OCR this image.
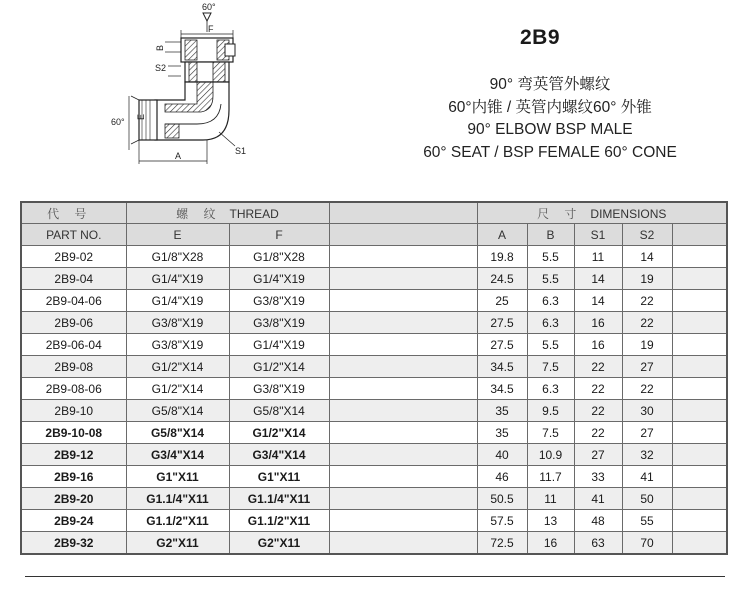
60°
F
B
S2
60°
E
A	S1
2B9
90° 弯英管外螺纹
60°内锥 / 英管内螺纹60° 外锥
90° ELBOW BSP MALE
60° SEAT / BSP FEMALE 60° CONE
代 号	螺 纹 THREAD			尺 寸 DIMENSIONS				
PART NO.	E	F		A	B	S1	S2	
2B9-02	G1/8"X28	G1/8"X28		19.8	5.5	11	14	
2B9-04	G1/4"X19	G1/4"X19		24.5	5.5	14	19	
2B9-04-06	G1/4"X19	G3/8"X19		25	6.3	14	22	
2B9-06	G3/8"X19	G3/8"X19		27.5	6.3	16	22	
2B9-06-04	G3/8"X19	G1/4"X19		27.5	5.5	16	19	
2B9-08	G1/2"X14	G1/2"X14		34.5	7.5	22	27	
2B9-08-06	G1/2"X14	G3/8"X19		34.5	6.3	22	22	
2B9-10	G5/8"X14	G5/8"X14		35	9.5	22	30	
2B9-10-08	G5/8"X14	G1/2"X14		35	7.5	22	27	
2B9-12	G3/4"X14	G3/4"X14		40	10.9	27	32	
2B9-16	G1"X11	G1"X11		46	11.7	33	41	
2B9-20	G1.1/4"X11	G1.1/4"X11		50.5	11	41	50	
2B9-24	G1.1/2"X11	G1.1/2"X11		57.5	13	48	55	
2B9-32	G2"X11	G2"X11		72.5	16	63	70	
